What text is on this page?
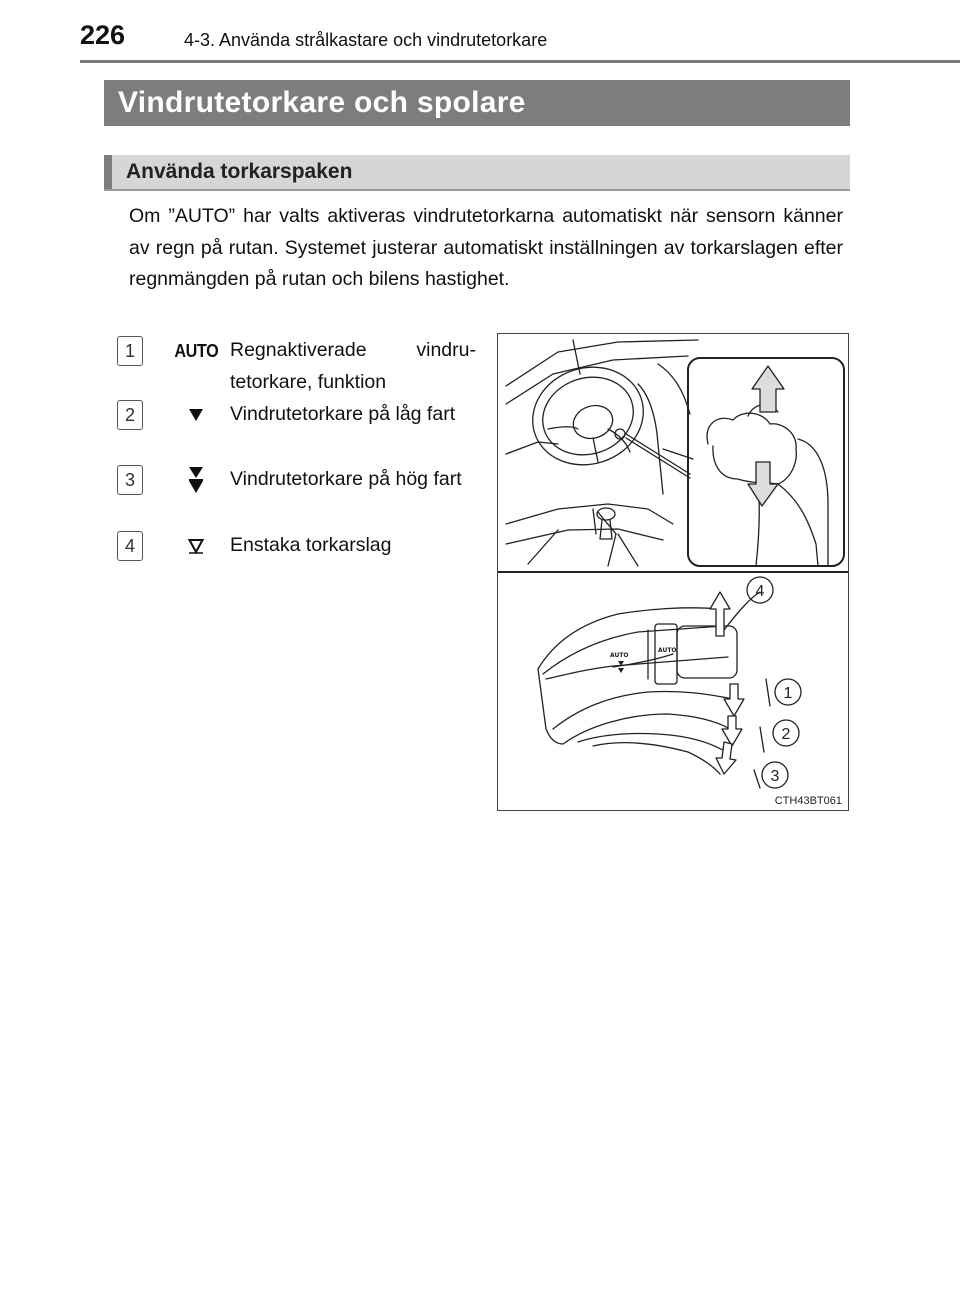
226	4-3. Använda strålkastare och vindrutetorkare
Vindrutetorkare och spolare
Använda torkarspaken
Om ”AUTO” har valts aktiveras vindrutetorkarna automatiskt när sensorn känner av regn på rutan. Systemet justerar automatiskt inställningen av torkarslagen efter regnmängden på rutan och bilens hastighet.
1	AUTO Regnaktiverade vindrutetorkare, funktion
2	Vindrutetorkare på låg fart
3	Vindrutetorkare på hög fart
4	Enstaka torkarslag
AUTO
AUTO
4
1
2
3
CTH43BT061
